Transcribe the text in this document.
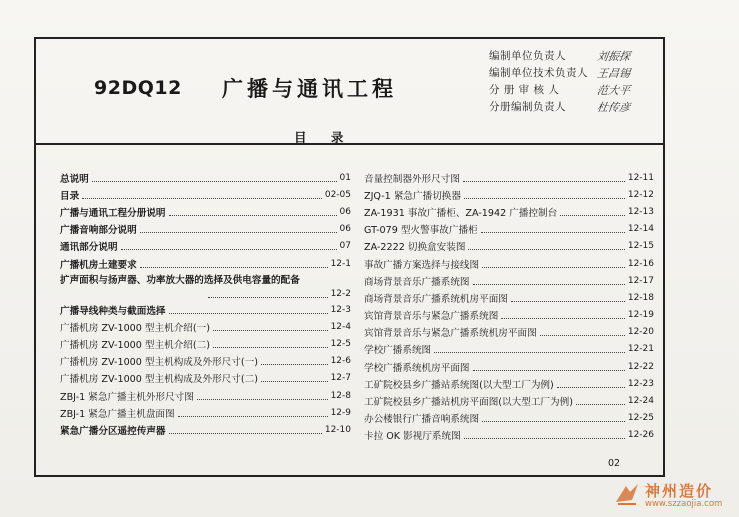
92DQ12 广播与通讯工程
编制单位负责人	刘振探
编制单位技术负责人 王昌锡
分 册 审 核 人	范大平
分册编制负责人	杜传彦
目 录
总说明	01
目录	02-05
广播与通讯工程分册说明	06
广播音响部分说明	06
通讯部分说明	07
广播机房土建要求	12-1
扩声面积与扬声器、功率放大器的选择及供电容量的配备
12-2
广播导线种类与截面选择	12-3
广播机房 ZV-1000 型主机介绍(一)	12-4
广播机房 ZV-1000 型主机介绍(二)	12-5
广播机房 ZV-1000 型主机构成及外形尺寸(一)	12-6
广播机房 ZV-1000 型主机构成及外形尺寸(二)	12-7
ZBJ-1 紧急广播主机外形尺寸图	12-8
ZBJ-1 紧急广播主机盘面图	12-9
紧急广播分区遥控传声器	12-10
音量控制器外形尺寸图	12-11
ZJQ-1 紧急广播切换器	12-12
ZA-1931 事故广播柜、ZA-1942 广播控制台	12-13
GT-079 型火警事故广播柜	12-14
ZA-2222 切换盒安装图	12-15
事故广播方案选择与接线图	12-16
商场背景音乐广播系统图	12-17
商场背景音乐广播系统机房平面图	12-18
宾馆背景音乐与紧急广播系统图	12-19
宾馆背景音乐与紧急广播系统机房平面图	12-20
学校广播系统图	12-21
学校广播系统机房平面图	12-22
工矿院校县乡广播站系统图(以大型工厂为例)	12-23
工矿院校县乡广播站机房平面图(以大型工厂为例)	12-24
办公楼银行广播音响系统图	12-25
卡拉 OK 影视厅系统图	12-26
02
神州造价
www.szzaojia.com
